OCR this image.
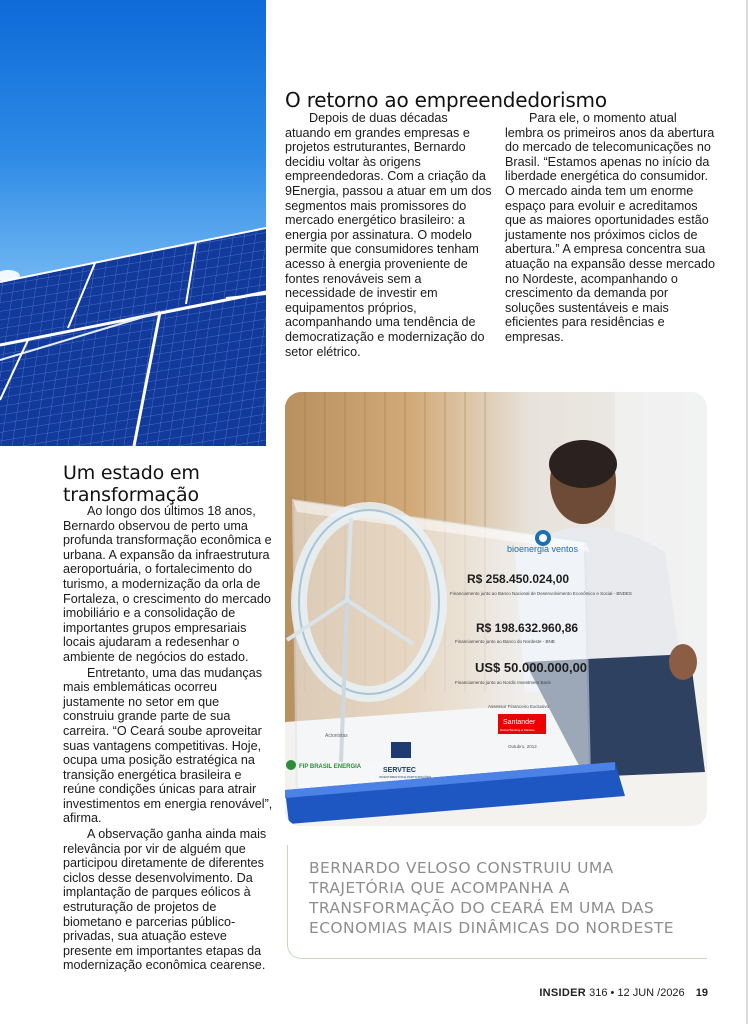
O retorno ao empreendedorismo

Depois de duas décadas atuando em grandes empresas e projetos estruturantes, Bernardo decidiu voltar às origens empreendedoras. Com a criação da 9Energia, passou a atuar em um dos segmentos mais promissores do mercado energético brasileiro: a energia por assinatura. O modelo permite que consumidores tenham acesso à energia proveniente de fontes renováveis sem a necessidade de investir em equipamentos próprios, acompanhando uma tendência de democratização e modernização do setor elétrico.

Para ele, o momento atual lembra os primeiros anos da abertura do mercado de telecomunicações no Brasil. “Estamos apenas no início da liberdade energética do consumidor. O mercado ainda tem um enorme espaço para evoluir e acreditamos que as maiores oportunidades estão justamente nos próximos ciclos de abertura.” A empresa concentra sua atuação na expansão desse mercado no Nordeste, acompanhando o crescimento da demanda por soluções sustentáveis e mais eficientes para residências e empresas.

bioenergia ventos
R$ 258.450.024,00
Financiamento junto ao Banco Nacional de Desenvolvimento Econômico e Social - BNDES
R$ 198.632.960,86
Financiamento junto ao Banco do Nordeste - BNB
US$ 50.000.000,00
Financiamento junto ao Nordic Investment Bank
Assessor Financeiro Exclusivo
Santander
Global Banking & Markets
Outubro, 2012
Acionistas
FIP BRASIL ENERGIA	SERVTEC
INVESTIMENTOS E PARTICIPAÇÕES
Um estado em transformação

Ao longo dos últimos 18 anos, Bernardo observou de perto uma profunda transformação econômica e urbana. A expansão da infraestrutura aeroportuária, o fortalecimento do turismo, a modernização da orla de Fortaleza, o crescimento do mercado imobiliário e a consolidação de importantes grupos empresariais locais ajudaram a redesenhar o ambiente de negócios do estado.

Entretanto, uma das mudanças mais emblemáticas ocorreu justamente no setor em que construiu grande parte de sua carreira. “O Ceará soube aproveitar suas vantagens competitivas. Hoje, ocupa uma posição estratégica na transição energética brasileira e reúne condições únicas para atrair investimentos em energia renovável”, afirma.

A observação ganha ainda mais relevância por vir de alguém que participou diretamente de diferentes ciclos desse desenvolvimento. Da implantação de parques eólicos à estruturação de projetos de biometano e parcerias público-privadas, sua atuação esteve presente em importantes etapas da modernização econômica cearense.

BERNARDO VELOSO CONSTRUIU UMA TRAJETÓRIA QUE ACOMPANHA A TRANSFORMAÇÃO DO CEARÁ EM UMA DAS ECONOMIAS MAIS DINÂMICAS DO NORDESTE
INSIDER 316 • 12 JUN /2026 19
